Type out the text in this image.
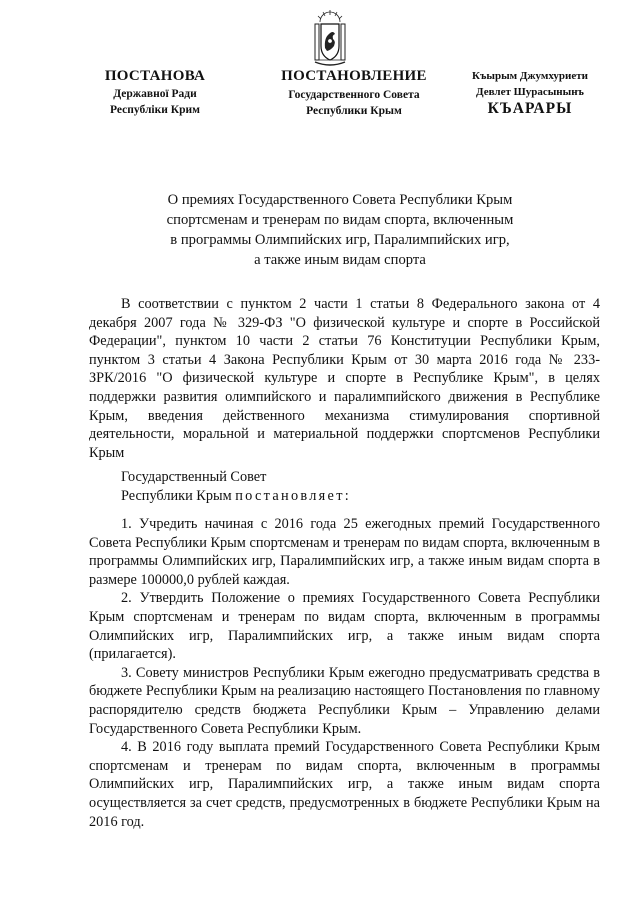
ПОСТАНОВА
Державної Ради
Республіки Крим
ПОСТАНОВЛЕНИЕ
Государственного Совета
Республики Крым
Къырым Джумхуриети
Девлет Шурасынынъ
КЪАРАРЫ
О премиях Государственного Совета Республики Крым
спортсменам и тренерам по видам спорта, включенным
в программы Олимпийских игр, Паралимпийских игр,
а также иным видам спорта
В соответствии с пунктом 2 части 1 статьи 8 Федерального закона от 4 декабря 2007 года № 329-ФЗ "О физической культуре и спорте в Российской Федерации", пунктом 10 части 2 статьи 76 Конституции Республики Крым, пунктом 3 статьи 4 Закона Республики Крым от 30 марта 2016 года № 233-ЗРК/2016 "О физической культуре и спорте в Республике Крым", в целях поддержки развития олимпийского и паралимпийского движения в Республике Крым, введения действенного механизма стимулирования спортивной деятельности, моральной и материальной поддержки спортсменов Республики Крым
Государственный Совет
Республики Крым постановляет:

1. Учредить начиная с 2016 года 25 ежегодных премий Государственного Совета Республики Крым спортсменам и тренерам по видам спорта, включенным в программы Олимпийских игр, Паралимпийских игр, а также иным видам спорта в размере 100000,0 рублей каждая.

2. Утвердить Положение о премиях Государственного Совета Республики Крым спортсменам и тренерам по видам спорта, включенным в программы Олимпийских игр, Паралимпийских игр, а также иным видам спорта (прилагается).

3. Совету министров Республики Крым ежегодно предусматривать средства в бюджете Республики Крым на реализацию настоящего Постановления по главному распорядителю средств бюджета Республики Крым – Управлению делами Государственного Совета Республики Крым.

4. В 2016 году выплата премий Государственного Совета Республики Крым спортсменам и тренерам по видам спорта, включенным в программы Олимпийских игр, Паралимпийских игр, а также иным видам спорта осуществляется за счет средств, предусмотренных в бюджете Республики Крым на 2016 год.
